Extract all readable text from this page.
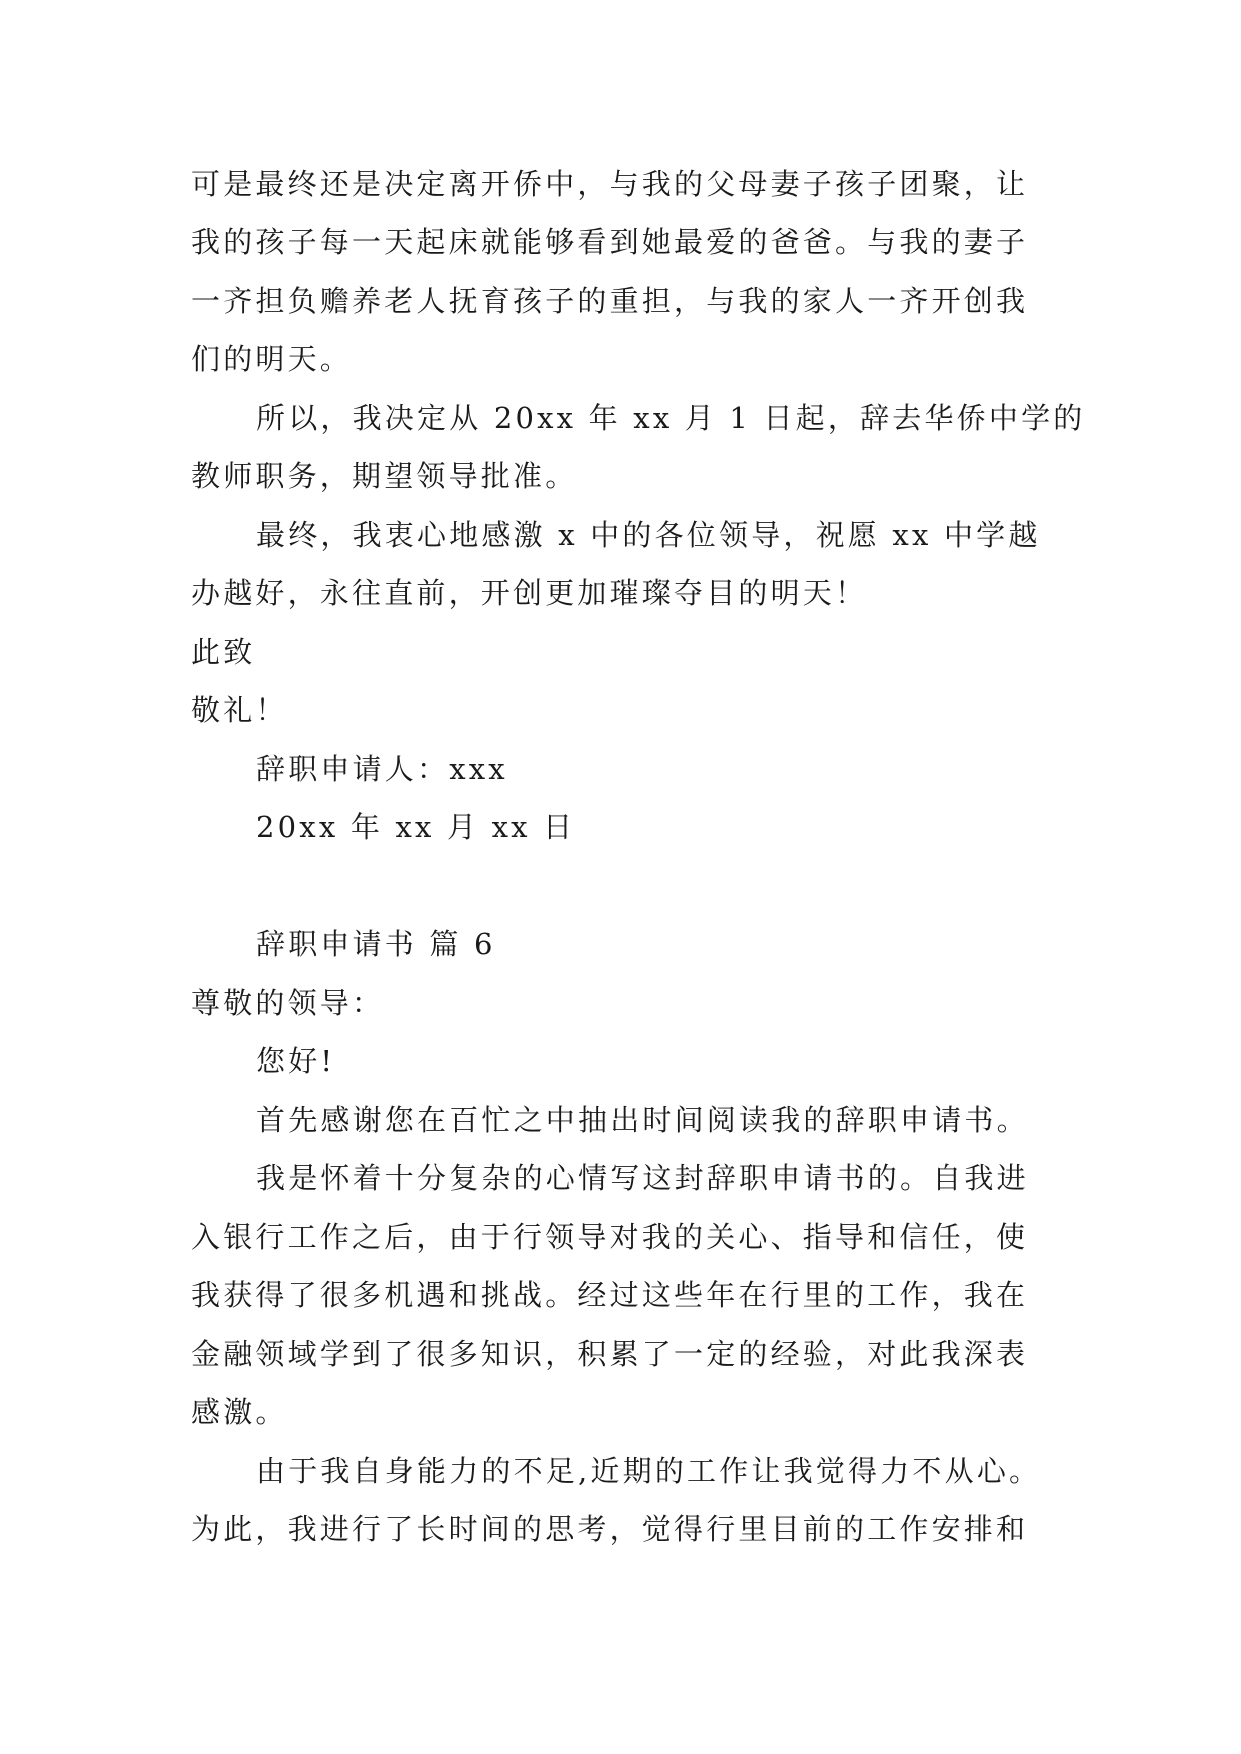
可是最终还是决定离开侨中，与我的父母妻子孩子团聚，让

我的孩子每一天起床就能够看到她最爱的爸爸。与我的妻子

一齐担负赡养老人抚育孩子的重担，与我的家人一齐开创我

们的明天。

所以，我决定从 20xx 年 xx 月 1 日起，辞去华侨中学的

教师职务，期望领导批准。

最终，我衷心地感激 x 中的各位领导，祝愿 xx 中学越

办越好，永往直前，开创更加璀璨夺目的明天！

此致

敬礼！

辞职申请人：xxx

20xx 年 xx 月 xx 日

辞职申请书 篇 6

尊敬的领导：

您好!

首先感谢您在百忙之中抽出时间阅读我的辞职申请书。

我是怀着十分复杂的心情写这封辞职申请书的。自我进

入银行工作之后，由于行领导对我的关心、指导和信任，使

我获得了很多机遇和挑战。经过这些年在行里的工作，我在

金融领域学到了很多知识，积累了一定的经验，对此我深表

感激。

由于我自身能力的不足,近期的工作让我觉得力不从心。

为此，我进行了长时间的思考，觉得行里目前的工作安排和
